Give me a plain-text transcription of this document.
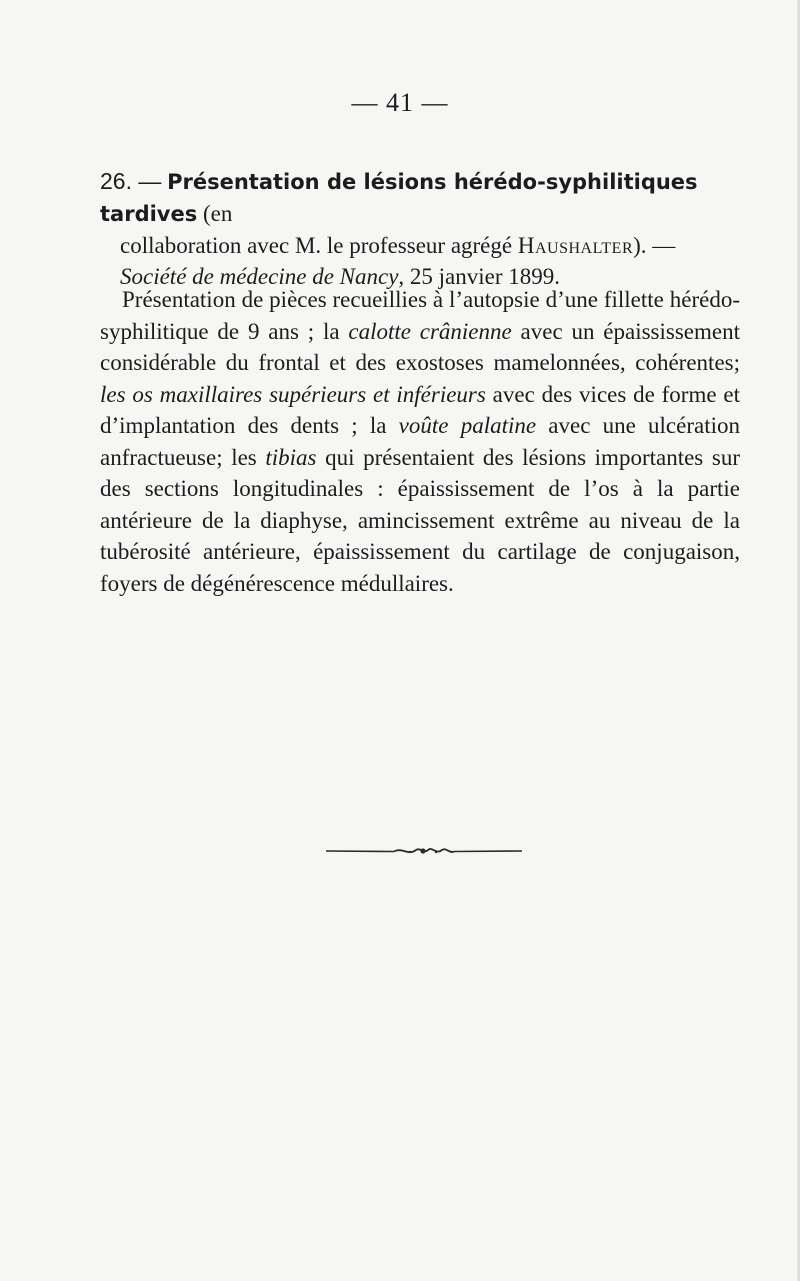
— 41 —

26. — Présentation de lésions hérédo-syphilitiques tardives (en
collaboration avec M. le professeur agrégé Haushalter). —
Société de médecine de Nancy, 25 janvier 1899.

Présentation de pièces recueillies à l’autopsie d’une fillette hérédo-syphilitique de 9 ans ; la calotte crânienne avec un épaississement considérable du frontal et des exostoses mamelonnées, cohérentes; les os maxillaires supérieurs et inférieurs avec des vices de forme et d’implantation des dents ; la voûte palatine avec une ulcération anfractueuse; les tibias qui présentaient des lésions importantes sur des sections longitudinales : épaississement de l’os à la partie antérieure de la diaphyse, amincissement extrême au niveau de la tubérosité antérieure, épaississement du cartilage de conjugaison, foyers de dégénérescence médullaires.
